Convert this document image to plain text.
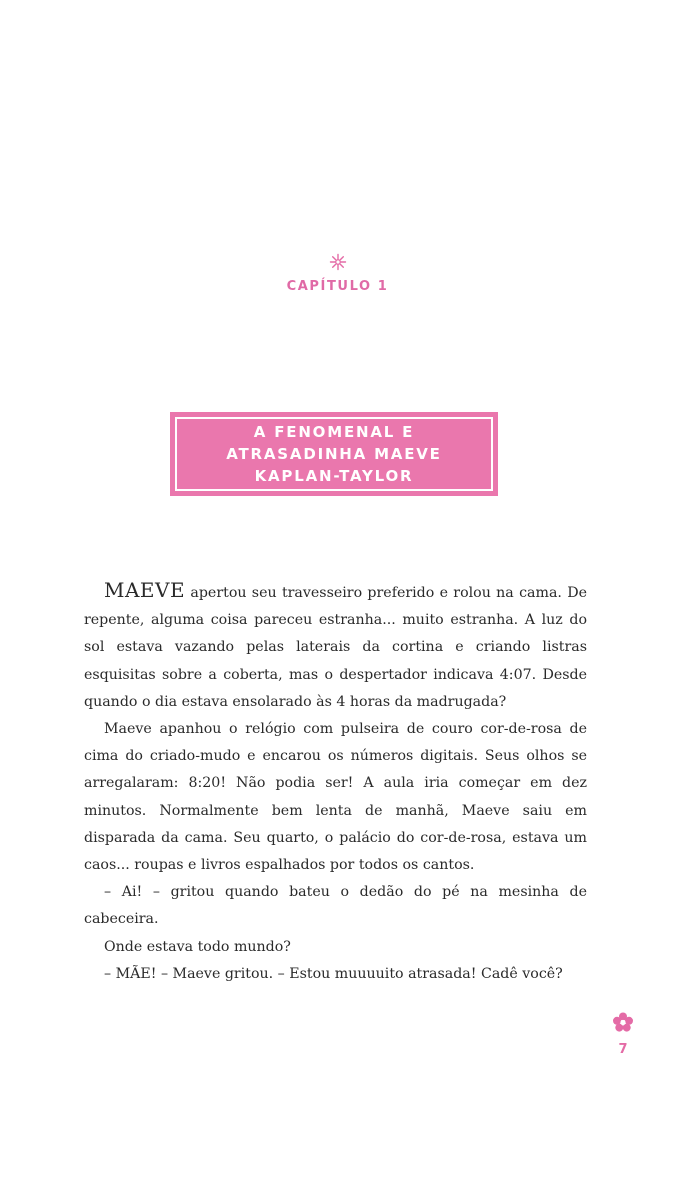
CAPÍTULO 1
A FENOMENAL E
ATRASADINHA MAEVE
KAPLAN-TAYLOR

MAEVE apertou seu travesseiro preferido e rolou na cama. De repente, alguma coisa pareceu estranha... muito estranha. A luz do sol estava vazando pelas laterais da cortina e criando listras esquisitas sobre a coberta, mas o despertador indicava 4:07. Desde quando o dia estava ensolarado às 4 horas da madrugada?

Maeve apanhou o relógio com pulseira de couro cor-de-rosa de cima do criado-mudo e encarou os números digitais. Seus olhos se arregalaram: 8:20! Não podia ser! A aula iria começar em dez minutos. Normalmente bem lenta de manhã, Maeve saiu em disparada da cama. Seu quarto, o palácio do cor-de-rosa, estava um caos... roupas e livros espalhados por todos os cantos.

– Ai! – gritou quando bateu o dedão do pé na mesinha de cabeceira.

Onde estava todo mundo?

– MÃE! – Maeve gritou. – Estou muuuuito atrasada! Cadê você?

7
